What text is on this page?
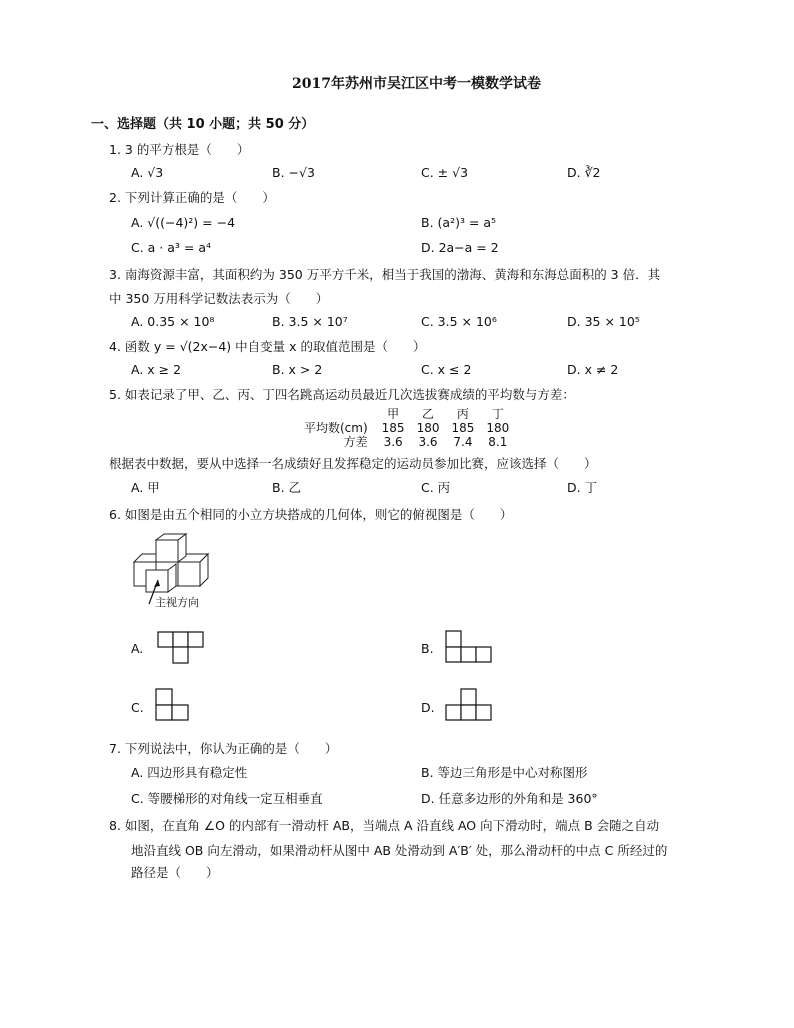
2017年苏州市吴江区中考一模数学试卷
一、选择题（共 10 小题；共 50 分）
1. 3 的平方根是（　　）
A. √3	B. −√3	C. ± √3	D. ∛2
2. 下列计算正确的是（　　）
A. √((−4)²) = −4	B. (a²)³ = a⁵
C. a · a³ = a⁴	D. 2a−a = 2
3. 南海资源丰富，其面积约为 350 万平方千米，相当于我国的渤海、黄海和东海总面积的 3 倍．其
中 350 万用科学记数法表示为（　　）
A. 0.35 × 10⁸	B. 3.5 × 10⁷	C. 3.5 × 10⁶	D. 35 × 10⁵
4. 函数 y = √(2x−4) 中自变量 x 的取值范围是（　　）
A. x ≥ 2	B. x > 2	C. x ≤ 2	D. x ≠ 2
5. 如表记录了甲、乙、丙、丁四名跳高运动员最近几次选拔赛成绩的平均数与方差：
	甲	乙	丙	丁
平均数(cm)	185	180	185	180
方差	3.6	3.6	7.4	8.1
根据表中数据，要从中选择一名成绩好且发挥稳定的运动员参加比赛，应该选择（　　）
A. 甲	B. 乙	C. 丙	D. 丁
6. 如图是由五个相同的小立方块搭成的几何体，则它的俯视图是（　　）
主视方向
A.	B.
C.	D.
7. 下列说法中，你认为正确的是（　　）
A. 四边形具有稳定性	B. 等边三角形是中心对称图形
C. 等腰梯形的对角线一定互相垂直	D. 任意多边形的外角和是 360°
8. 如图，在直角 ∠O 的内部有一滑动杆 AB，当端点 A 沿直线 AO 向下滑动时，端点 B 会随之自动
地沿直线 OB 向左滑动，如果滑动杆从图中 AB 处滑动到 A′B′ 处，那么滑动杆的中点 C 所经过的
路径是（　　）
